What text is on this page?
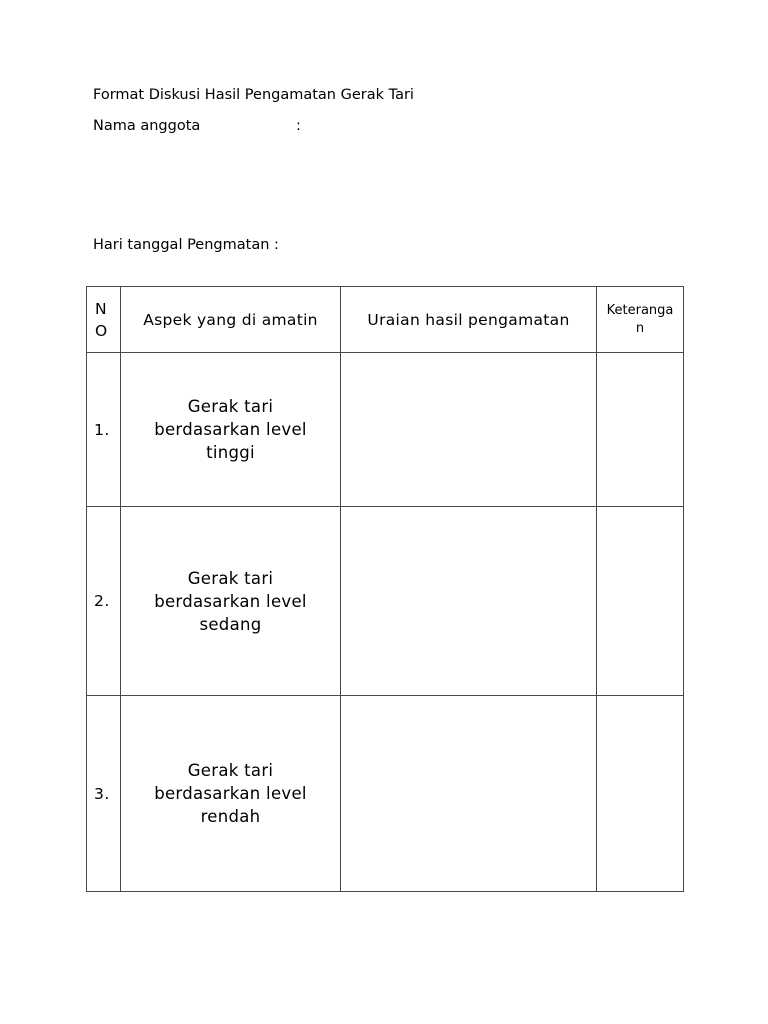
Format Diskusi Hasil Pengamatan Gerak Tari
Nama anggota	:
Hari tanggal Pengmatan :
N O	Aspek yang di amatin	Uraian hasil pengamatan	Keterangan
1.	Gerak tari berdasarkan level tinggi		
2.	Gerak tari berdasarkan level sedang		
3.	Gerak tari berdasarkan level rendah		
